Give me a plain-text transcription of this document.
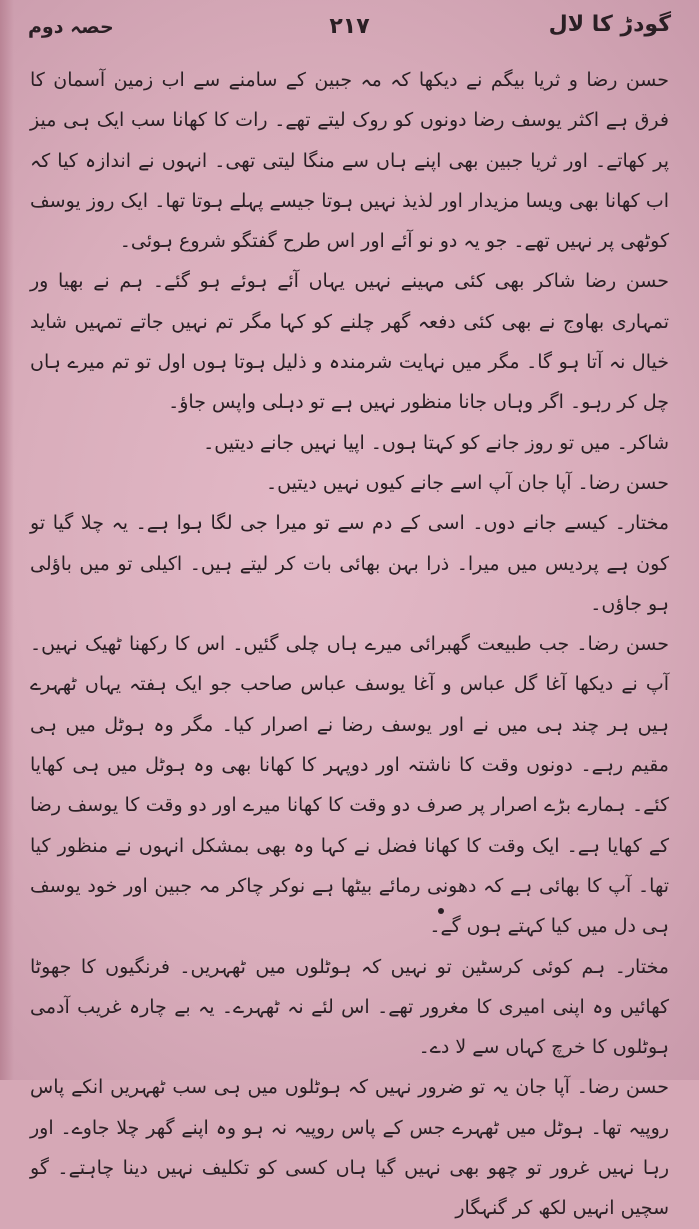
گودڑ کا لال
۲۱۷
حصہ دوم

حسن رضا و ثریا بیگم نے دیکھا کہ مہ جبین کے سامنے سے اب زمین آسمان کا فرق ہے اکثر یوسف رضا دونوں کو روک لیتے تھے۔ رات کا کھانا سب ایک ہی میز پر کھاتے۔ اور ثریا جبین بھی اپنے ہاں سے منگا لیتی تھی۔ انہوں نے اندازہ کیا کہ اب کھانا بھی ویسا مزیدار اور لذیذ نہیں ہوتا جیسے پہلے ہوتا تھا۔ ایک روز یوسف کوٹھی پر نہیں تھے۔ جو یہ دو نو آئے اور اس طرح گفتگو شروع ہوئی۔

حسن رضا شاکر بھی کئی مہینے نہیں یہاں آئے ہوئے ہو گئے۔ ہم نے بھیا ور تمہاری بھاوج نے بھی کئی دفعہ گھر چلنے کو کہا مگر تم نہیں جاتے تمہیں شاید خیال نہ آتا ہو گا۔ مگر میں نہایت شرمندہ و ذلیل ہوتا ہوں اول تو تم میرے ہاں چل کر رہو۔ اگر وہاں جانا منظور نہیں ہے تو دہلی واپس جاؤ۔

شاکر۔ میں تو روز جانے کو کہتا ہوں۔ اپیا نہیں جانے دیتیں۔

حسن رضا۔ آپا جان آپ اسے جانے کیوں نہیں دیتیں۔

مختار۔ کیسے جانے دوں۔ اسی کے دم سے تو میرا جی لگا ہوا ہے۔ یہ چلا گیا تو کون ہے پردیس میں میرا۔ ذرا بہن بھائی بات کر لیتے ہیں۔ اکیلی تو میں باؤلی ہو جاؤں۔

حسن رضا۔ جب طبیعت گھبرائی میرے ہاں چلی گئیں۔ اس کا رکھنا ٹھیک نہیں۔ آپ نے دیکھا آغا گل عباس و آغا یوسف عباس صاحب جو ایک ہفتہ یہاں ٹھہرے ہیں ہر چند ہی میں نے اور یوسف رضا نے اصرار کیا۔ مگر وہ ہوٹل میں ہی مقیم رہے۔ دونوں وقت کا ناشتہ اور دوپہر کا کھانا بھی وہ ہوٹل میں ہی کھایا کئے۔ ہمارے بڑے اصرار پر صرف دو وقت کا کھانا میرے اور دو وقت کا یوسف رضا کے کھایا ہے۔ ایک وقت کا کھانا فضل نے کہا وہ بھی بمشکل انہوں نے منظور کیا تھا۔ آپ کا بھائی ہے کہ دھونی رمائے بیٹھا ہے نوکر چاکر مہ جبین اور خود یوسف ہی دل میں کیا کہتے ہوں گے۔

مختار۔ ہم کوئی کرسٹین تو نہیں کہ ہوٹلوں میں ٹھہریں۔ فرنگیوں کا جھوٹا کھائیں وہ اپنی امیری کا مغرور تھے۔ اس لئے نہ ٹھہرے۔ یہ بے چارہ غریب آدمی ہوٹلوں کا خرچ کہاں سے لا دے۔

حسن رضا۔ آپا جان یہ تو ضرور نہیں کہ ہوٹلوں میں ہی سب ٹھہریں انکے پاس روپیہ تھا۔ ہوٹل میں ٹھہرے جس کے پاس روپیہ نہ ہو وہ اپنے گھر چلا جاوے۔ اور رہا نہیں غرور تو چھو بھی نہیں گیا ہاں کسی کو تکلیف نہیں دینا چاہتے۔ گو سچیں انہیں لکھ کر گنہگار
